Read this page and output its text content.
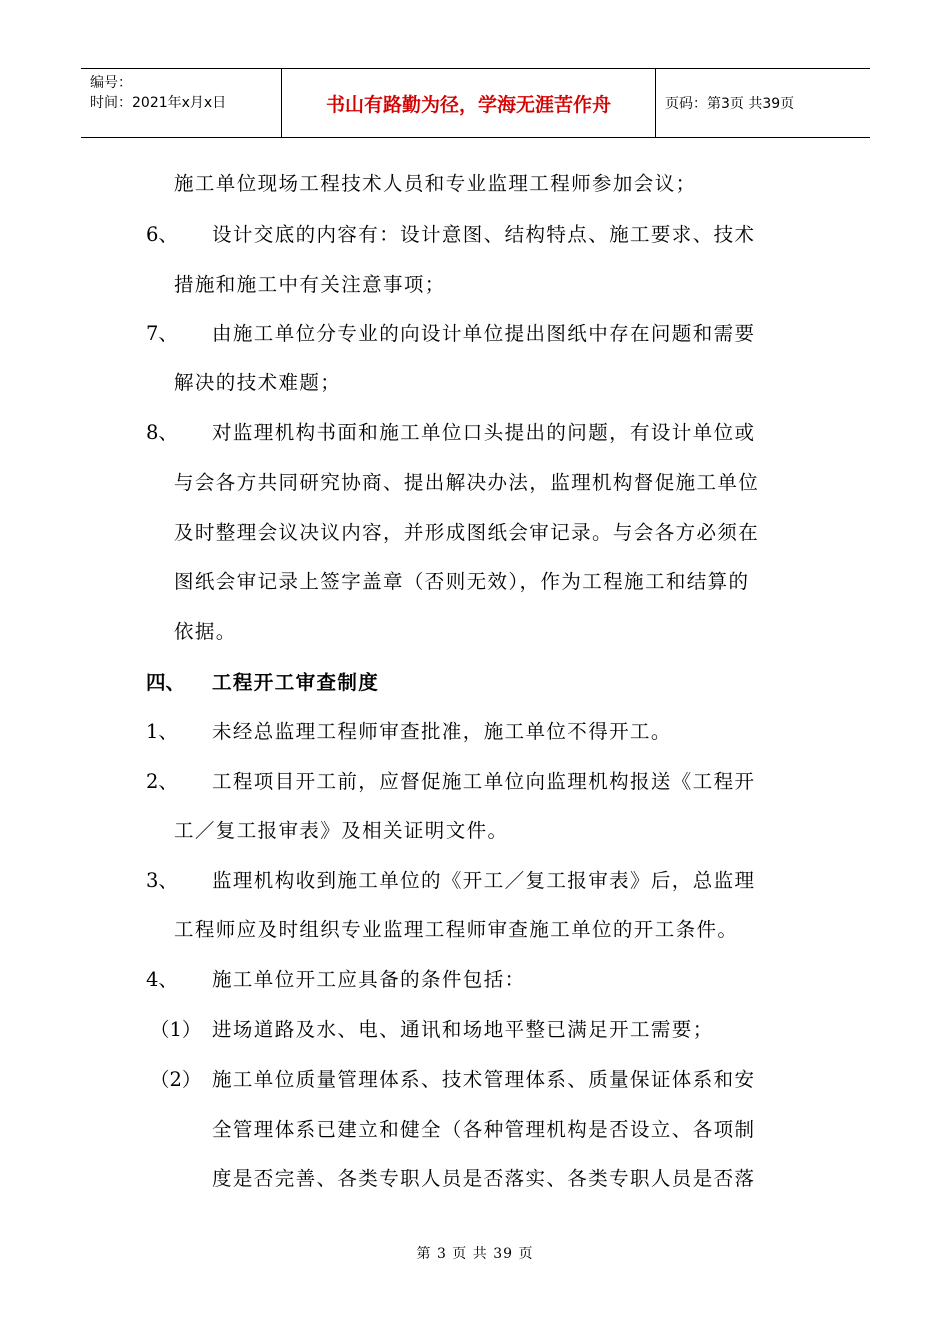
编号：
时间：2021年x月x日	书山有路勤为径，学海无涯苦作舟	页码：第3页 共39页
施工单位现场工程技术人员和专业监理工程师参加会议；
6、 设计交底的内容有：设计意图、结构特点、施工要求、技术
措施和施工中有关注意事项；
7、 由施工单位分专业的向设计单位提出图纸中存在问题和需要
解决的技术难题；
8、 对监理机构书面和施工单位口头提出的问题，有设计单位或
与会各方共同研究协商、提出解决办法，监理机构督促施工单位
及时整理会议决议内容，并形成图纸会审记录。与会各方必须在
图纸会审记录上签字盖章（否则无效），作为工程施工和结算的
依据。
四、 工程开工审查制度
1、 未经总监理工程师审查批准，施工单位不得开工。
2、 工程项目开工前，应督促施工单位向监理机构报送《工程开
工／复工报审表》及相关证明文件。
3、 监理机构收到施工单位的《开工／复工报审表》后，总监理
工程师应及时组织专业监理工程师审查施工单位的开工条件。
4、 施工单位开工应具备的条件包括：
（1） 进场道路及水、电、通讯和场地平整已满足开工需要；
（2） 施工单位质量管理体系、技术管理体系、质量保证体系和安
全管理体系已建立和健全（各种管理机构是否设立、各项制
度是否完善、各类专职人员是否落实、各类专职人员是否落
第 3 页 共 39 页
